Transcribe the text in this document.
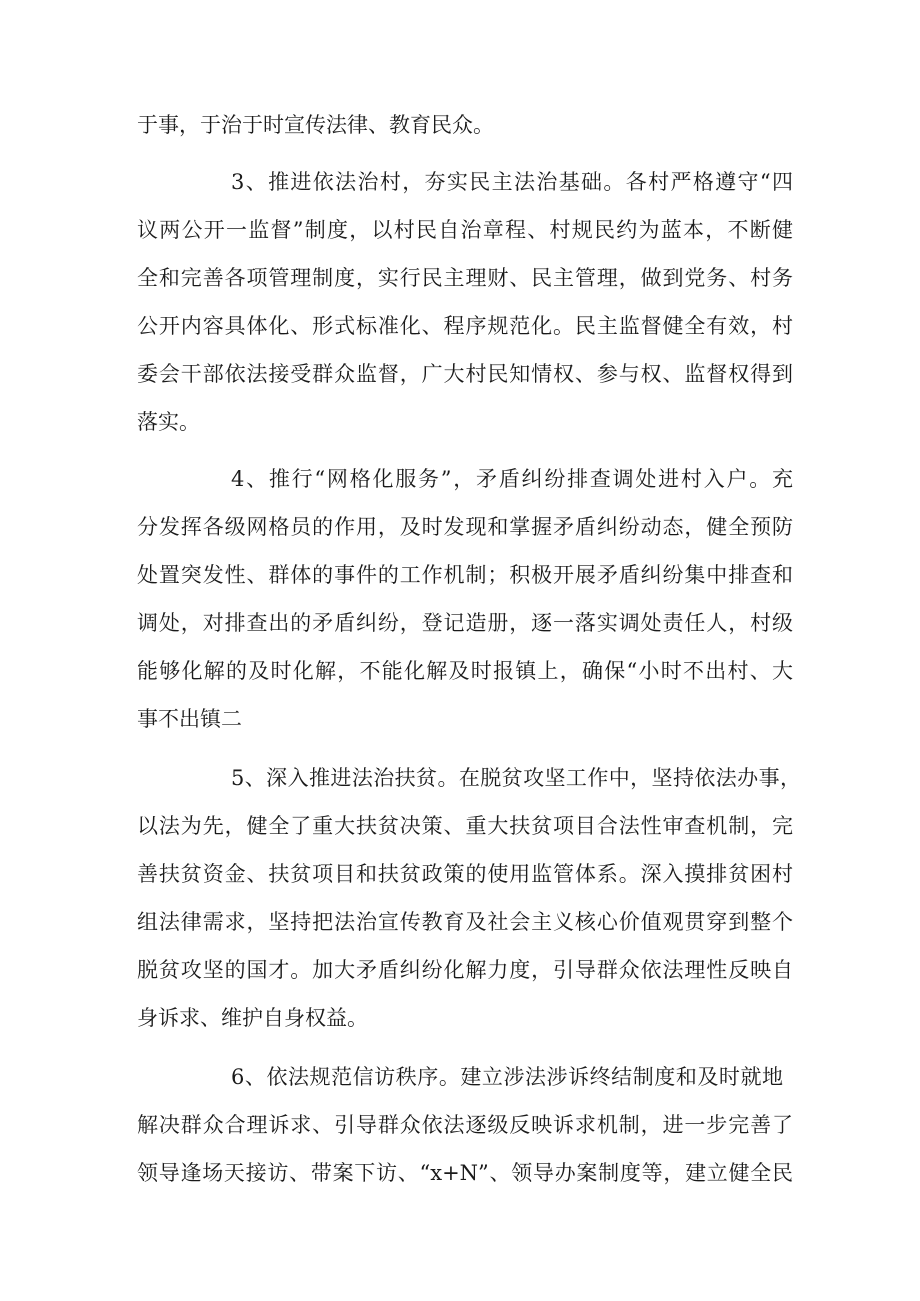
于事，于治于时宣传法律、教育民众。
3、推进依法治村，夯实民主法治基础。各村严格遵守“四
议两公开一监督”制度，以村民自治章程、村规民约为蓝本，不断健
全和完善各项管理制度，实行民主理财、民主管理，做到党务、村务
公开内容具体化、形式标准化、程序规范化。民主监督健全有效，村
委会干部依法接受群众监督，广大村民知情权、参与权、监督权得到
落实。
4、推行“网格化服务”，矛盾纠纷排查调处进村入户。充
分发挥各级网格员的作用，及时发现和掌握矛盾纠纷动态，健全预防
处置突发性、群体的事件的工作机制；积极开展矛盾纠纷集中排查和
调处，对排查出的矛盾纠纷，登记造册，逐一落实调处责任人，村级
能够化解的及时化解，不能化解及时报镇上，确保“小时不出村、大
事不出镇二
5、深入推进法治扶贫。在脱贫攻坚工作中，坚持依法办事，
以法为先，健全了重大扶贫决策、重大扶贫项目合法性审查机制，完
善扶贫资金、扶贫项目和扶贫政策的使用监管体系。深入摸排贫困村
组法律需求，坚持把法治宣传教育及社会主义核心价值观贯穿到整个
脱贫攻坚的国才。加大矛盾纠纷化解力度，引导群众依法理性反映自
身诉求、维护自身权益。
6、依法规范信访秩序。建立涉法涉诉终结制度和及时就地
解决群众合理诉求、引导群众依法逐级反映诉求机制，进一步完善了
领导逢场天接访、带案下访、“x+N”、领导办案制度等，建立健全民
